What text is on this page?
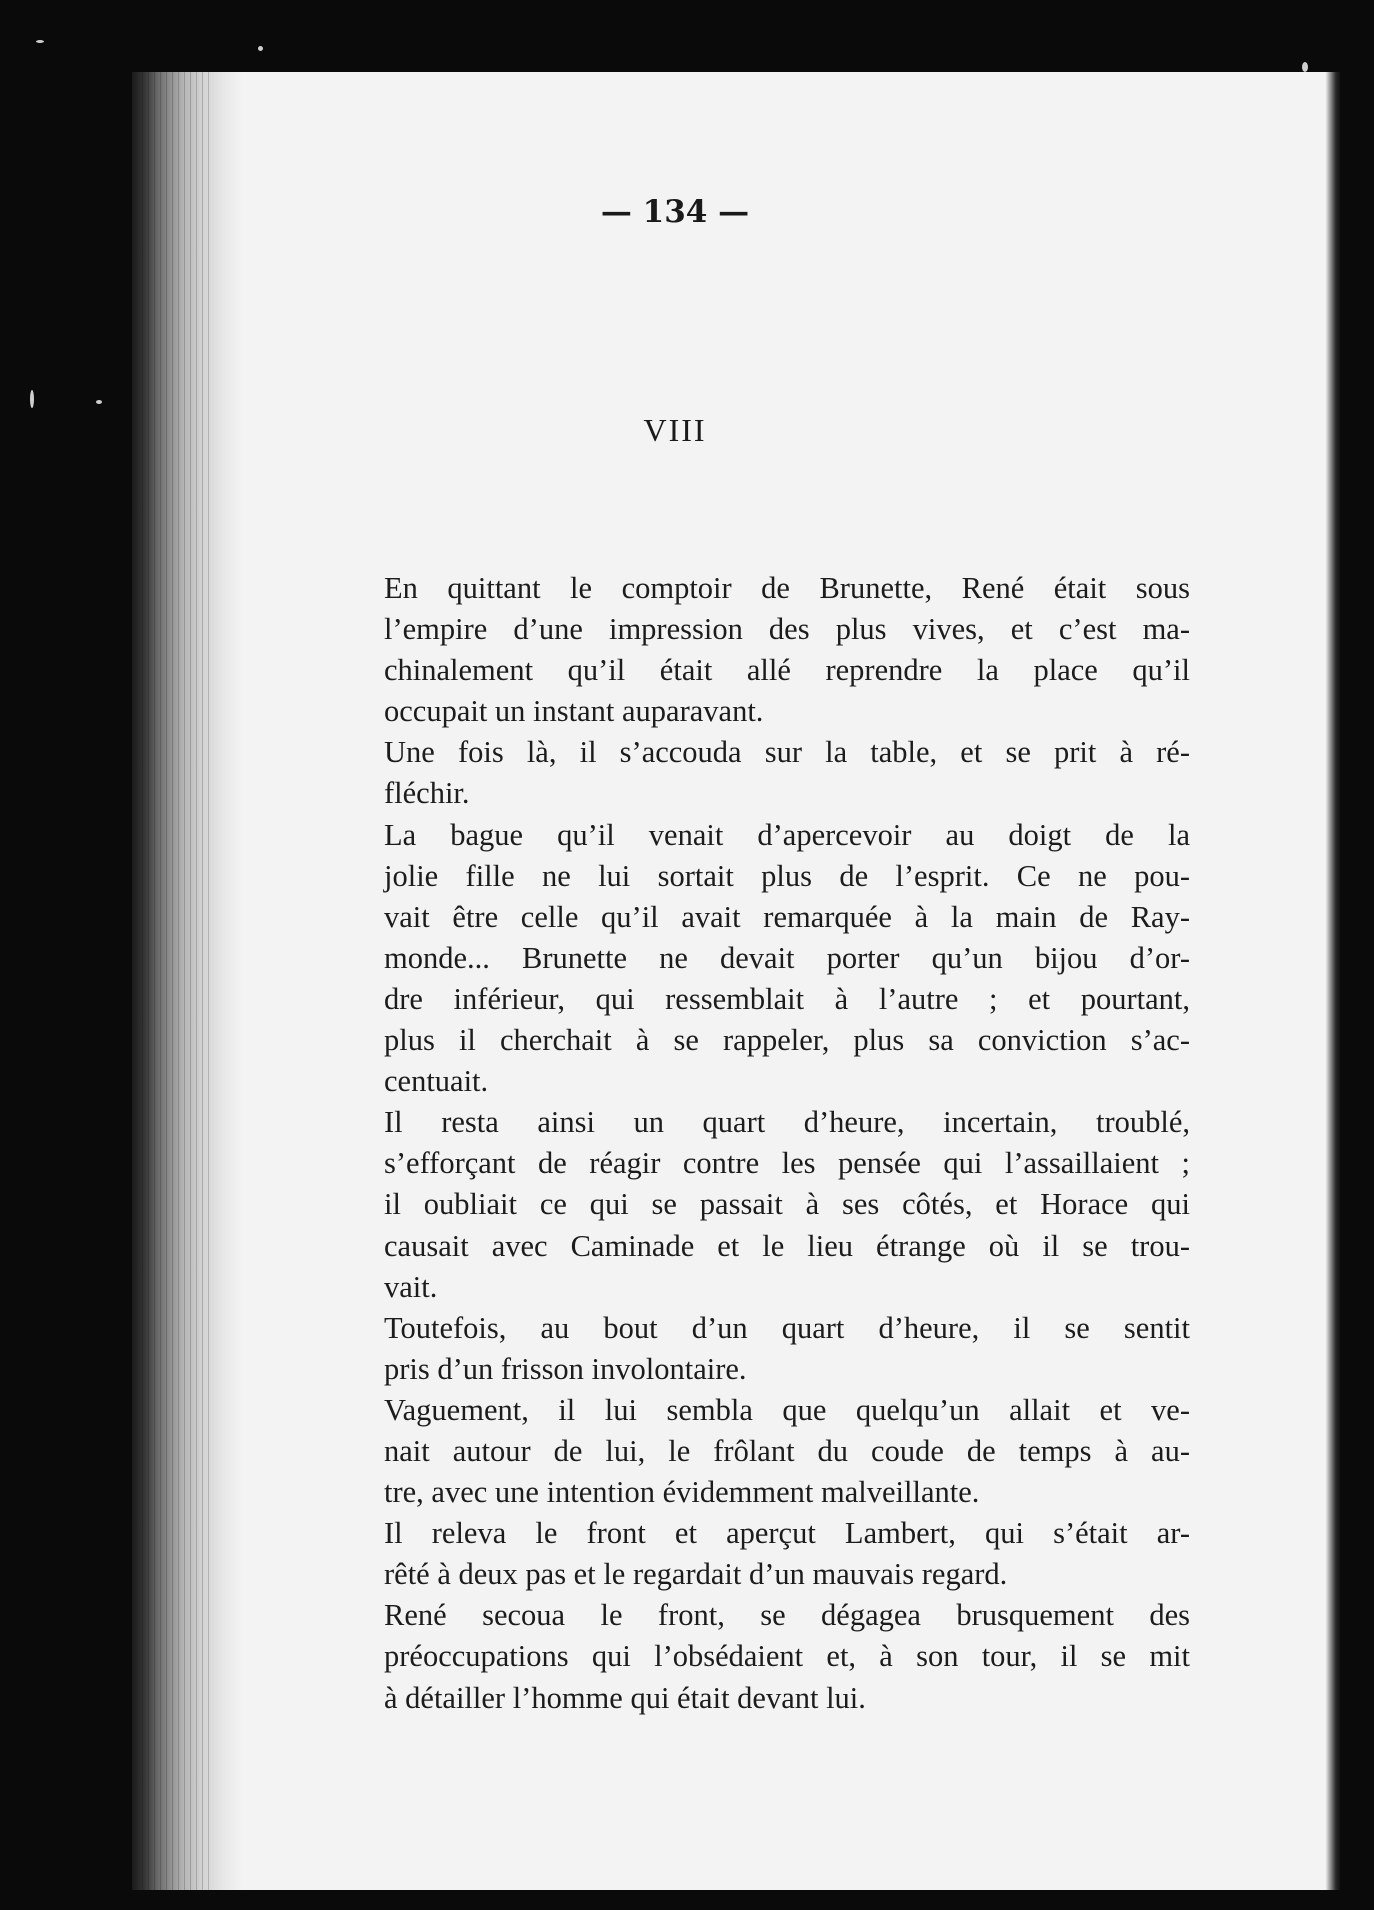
— 134 —
VIII
En quittant le comptoir de Brunette, René était sous
l’empire d’une impression des plus vives, et c’est ma-
chinalement qu’il était allé reprendre la place qu’il
occupait un instant auparavant.
Une fois là, il s’accouda sur la table, et se prit à ré-
fléchir.
La bague qu’il venait d’apercevoir au doigt de la
jolie fille ne lui sortait plus de l’esprit. Ce ne pou-
vait être celle qu’il avait remarquée à la main de Ray-
monde... Brunette ne devait porter qu’un bijou d’or-
dre inférieur, qui ressemblait à l’autre ; et pourtant,
plus il cherchait à se rappeler, plus sa conviction s’ac-
centuait.
Il resta ainsi un quart d’heure, incertain, troublé,
s’efforçant de réagir contre les pensée qui l’assaillaient ;
il oubliait ce qui se passait à ses côtés, et Horace qui
causait avec Caminade et le lieu étrange où il se trou-
vait.
Toutefois, au bout d’un quart d’heure, il se sentit
pris d’un frisson involontaire.
Vaguement, il lui sembla que quelqu’un allait et ve-
nait autour de lui, le frôlant du coude de temps à au-
tre, avec une intention évidemment malveillante.
Il releva le front et aperçut Lambert, qui s’était ar-
rêté à deux pas et le regardait d’un mauvais regard.
René secoua le front, se dégagea brusquement des
préoccupations qui l’obsédaient et, à son tour, il se mit
à détailler l’homme qui était devant lui.
